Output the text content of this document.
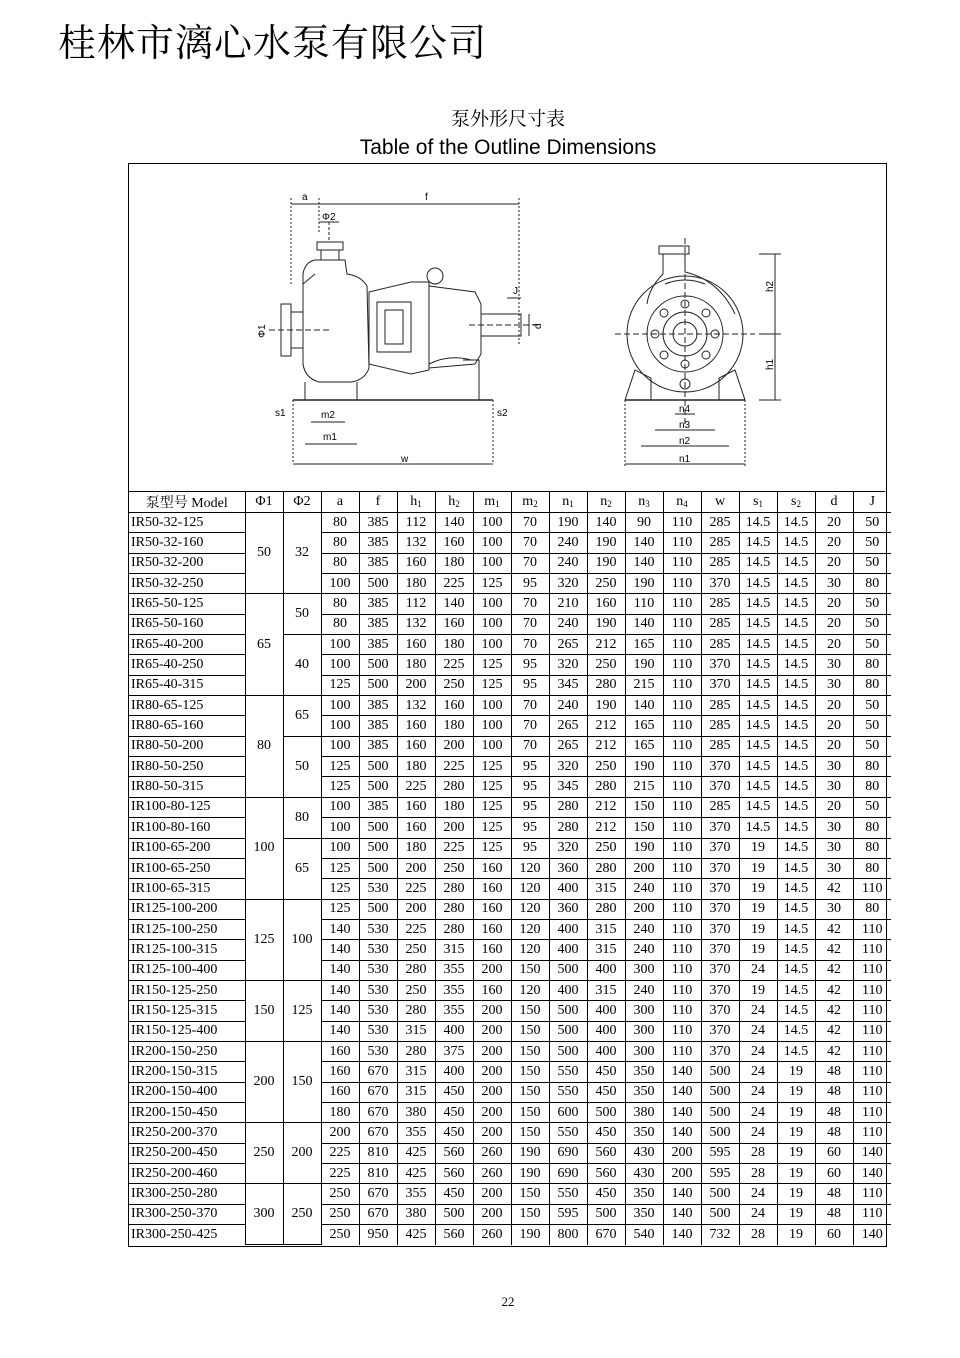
桂林市漓心水泵有限公司
泵外形尺寸表
Table of the Outline Dimensions
a	f
Φ2
Φ1
J
d
s1	m2
m1
s2
w
h2
h1
n4
n3
n2
n1
泵型号 Model	Φ1	Φ2	a	f	$h_1$	$h_2$	$m_1$	$m_2$	$n_1$	$n_2$	$n_3$	$n_4$	w	$s_1$	$s_2$	d	J
IR50-32-125	50	32	80	385	112	140	100	70	190	140	90	110	285	14.5	14.5	20	50
IR50-32-160			80	385	132	160	100	70	240	190	140	110	285	14.5	14.5	20	50
IR50-32-200			80	385	160	180	100	70	240	190	140	110	285	14.5	14.5	20	50
IR50-32-250			100	500	180	225	125	95	320	250	190	110	370	14.5	14.5	30	80
IR65-50-125	65	50	80	385	112	140	100	70	210	160	110	110	285	14.5	14.5	20	50
IR65-50-160			80	385	132	160	100	70	240	190	140	110	285	14.5	14.5	20	50
IR65-40-200		40	100	385	160	180	100	70	265	212	165	110	285	14.5	14.5	20	50
IR65-40-250			100	500	180	225	125	95	320	250	190	110	370	14.5	14.5	30	80
IR65-40-315			125	500	200	250	125	95	345	280	215	110	370	14.5	14.5	30	80
IR80-65-125	80	65	100	385	132	160	100	70	240	190	140	110	285	14.5	14.5	20	50
IR80-65-160			100	385	160	180	100	70	265	212	165	110	285	14.5	14.5	20	50
IR80-50-200		50	100	385	160	200	100	70	265	212	165	110	285	14.5	14.5	20	50
IR80-50-250			125	500	180	225	125	95	320	250	190	110	370	14.5	14.5	30	80
IR80-50-315			125	500	225	280	125	95	345	280	215	110	370	14.5	14.5	30	80
IR100-80-125	100	80	100	385	160	180	125	95	280	212	150	110	285	14.5	14.5	20	50
IR100-80-160			100	500	160	200	125	95	280	212	150	110	370	14.5	14.5	30	80
IR100-65-200		65	100	500	180	225	125	95	320	250	190	110	370	19	14.5	30	80
IR100-65-250			125	500	200	250	160	120	360	280	200	110	370	19	14.5	30	80
IR100-65-315			125	530	225	280	160	120	400	315	240	110	370	19	14.5	42	110
IR125-100-200	125	100	125	500	200	280	160	120	360	280	200	110	370	19	14.5	30	80
IR125-100-250			140	530	225	280	160	120	400	315	240	110	370	19	14.5	42	110
IR125-100-315			140	530	250	315	160	120	400	315	240	110	370	19	14.5	42	110
IR125-100-400			140	530	280	355	200	150	500	400	300	110	370	24	14.5	42	110
IR150-125-250	150	125	140	530	250	355	160	120	400	315	240	110	370	19	14.5	42	110
IR150-125-315			140	530	280	355	200	150	500	400	300	110	370	24	14.5	42	110
IR150-125-400			140	530	315	400	200	150	500	400	300	110	370	24	14.5	42	110
IR200-150-250	200	150	160	530	280	375	200	150	500	400	300	110	370	24	14.5	42	110
IR200-150-315			160	670	315	400	200	150	550	450	350	140	500	24	19	48	110
IR200-150-400			160	670	315	450	200	150	550	450	350	140	500	24	19	48	110
IR200-150-450			180	670	380	450	200	150	600	500	380	140	500	24	19	48	110
IR250-200-370	250	200	200	670	355	450	200	150	550	450	350	140	500	24	19	48	110
IR250-200-450			225	810	425	560	260	190	690	560	430	200	595	28	19	60	140
IR250-200-460			225	810	425	560	260	190	690	560	430	200	595	28	19	60	140
IR300-250-280	300	250	250	670	355	450	200	150	550	450	350	140	500	24	19	48	110
IR300-250-370			250	670	380	500	200	150	595	500	350	140	500	24	19	48	110
IR300-250-425			250	950	425	560	260	190	800	670	540	140	732	28	19	60	140
22
